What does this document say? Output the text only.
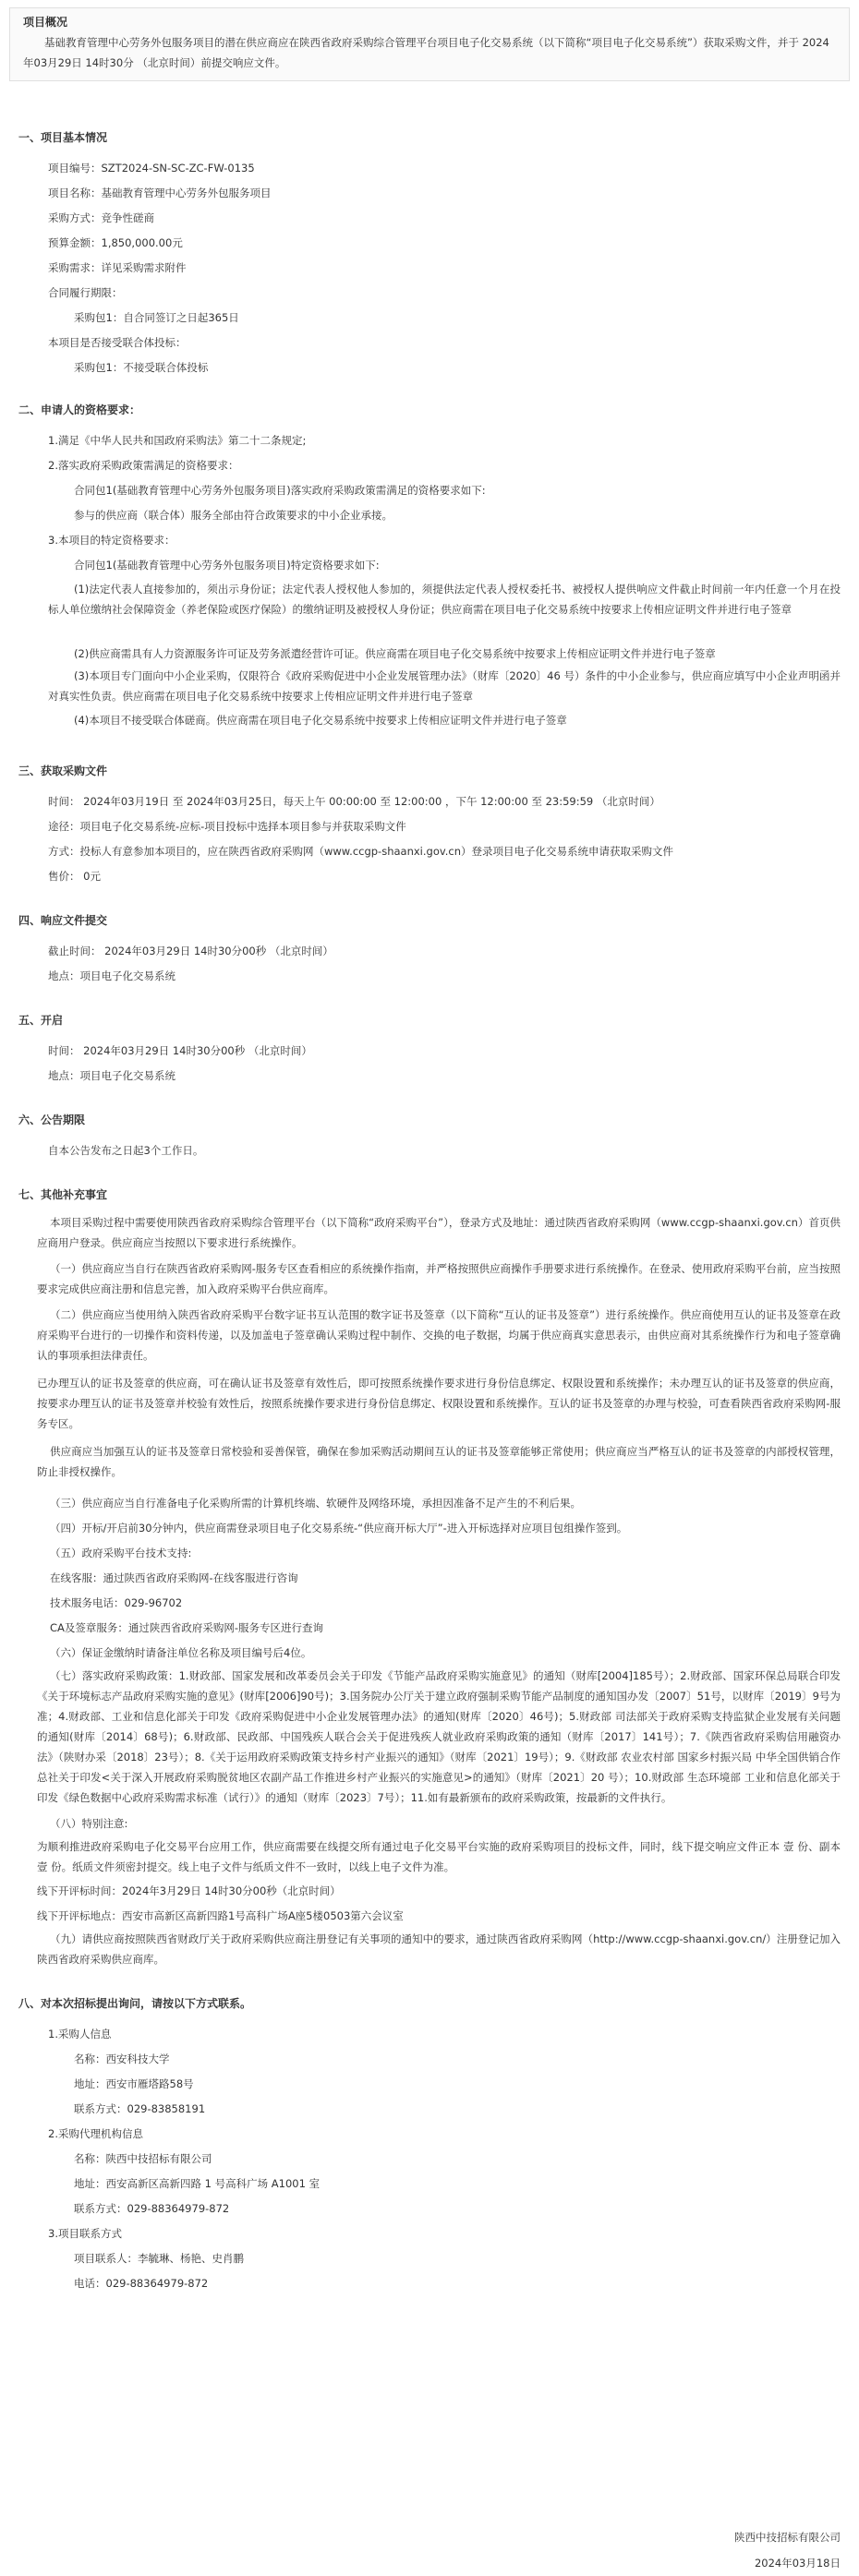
项目概况
基础教育管理中心劳务外包服务项目的潜在供应商应在陕西省政府采购综合管理平台项目电子化交易系统（以下简称“项目电子化交易系统”）获取采购文件，并于 2024年03月29日 14时30分 （北京时间）前提交响应文件。
一、项目基本情况
项目编号：SZT2024-SN-SC-ZC-FW-0135
项目名称：基础教育管理中心劳务外包服务项目
采购方式：竞争性磋商
预算金额：1,850,000.00元
采购需求：详见采购需求附件
合同履行期限：
采购包1：自合同签订之日起365日
本项目是否接受联合体投标：
采购包1：不接受联合体投标
二、申请人的资格要求：
1.满足《中华人民共和国政府采购法》第二十二条规定;
2.落实政府采购政策需满足的资格要求：
合同包1(基础教育管理中心劳务外包服务项目)落实政府采购政策需满足的资格要求如下:
参与的供应商（联合体）服务全部由符合政策要求的中小企业承接。
3.本项目的特定资格要求：
合同包1(基础教育管理中心劳务外包服务项目)特定资格要求如下:
(1)法定代表人直接参加的，须出示身份证；法定代表人授权他人参加的，须提供法定代表人授权委托书、被授权人提供响应文件截止时间前一年内任意一个月在投标人单位缴纳社会保障资金（养老保险或医疗保险）的缴纳证明及被授权人身份证；供应商需在项目电子化交易系统中按要求上传相应证明文件并进行电子签章
(2)供应商需具有人力资源服务许可证及劳务派遣经营许可证。供应商需在项目电子化交易系统中按要求上传相应证明文件并进行电子签章
(3)本项目专门面向中小企业采购，仅限符合《政府采购促进中小企业发展管理办法》（财库〔2020〕46 号）条件的中小企业参与，供应商应填写中小企业声明函并对真实性负责。供应商需在项目电子化交易系统中按要求上传相应证明文件并进行电子签章
(4)本项目不接受联合体磋商。供应商需在项目电子化交易系统中按要求上传相应证明文件并进行电子签章
三、获取采购文件
时间： 2024年03月19日 至 2024年03月25日，每天上午 00:00:00 至 12:00:00 ，下午 12:00:00 至 23:59:59 （北京时间）
途径：项目电子化交易系统-应标-项目投标中选择本项目参与并获取采购文件
方式：投标人有意参加本项目的，应在陕西省政府采购网（www.ccgp-shaanxi.gov.cn）登录项目电子化交易系统申请获取采购文件
售价： 0元
四、响应文件提交
截止时间： 2024年03月29日 14时30分00秒 （北京时间）
地点：项目电子化交易系统
五、开启
时间： 2024年03月29日 14时30分00秒 （北京时间）
地点：项目电子化交易系统
六、公告期限
自本公告发布之日起3个工作日。
七、其他补充事宜
本项目采购过程中需要使用陕西省政府采购综合管理平台（以下简称“政府采购平台”），登录方式及地址：通过陕西省政府采购网（www.ccgp-shaanxi.gov.cn）首页供应商用户登录。供应商应当按照以下要求进行系统操作。
（一）供应商应当自行在陕西省政府采购网-服务专区查看相应的系统操作指南，并严格按照供应商操作手册要求进行系统操作。在登录、使用政府采购平台前，应当按照要求完成供应商注册和信息完善，加入政府采购平台供应商库。
（二）供应商应当使用纳入陕西省政府采购平台数字证书互认范围的数字证书及签章（以下简称“互认的证书及签章”）进行系统操作。供应商使用互认的证书及签章在政府采购平台进行的一切操作和资料传递，以及加盖电子签章确认采购过程中制作、交换的电子数据，均属于供应商真实意思表示，由供应商对其系统操作行为和电子签章确认的事项承担法律责任。
已办理互认的证书及签章的供应商，可在确认证书及签章有效性后，即可按照系统操作要求进行身份信息绑定、权限设置和系统操作；未办理互认的证书及签章的供应商，按要求办理互认的证书及签章并校验有效性后，按照系统操作要求进行身份信息绑定、权限设置和系统操作。互认的证书及签章的办理与校验，可查看陕西省政府采购网-服务专区。
供应商应当加强互认的证书及签章日常校验和妥善保管，确保在参加采购活动期间互认的证书及签章能够正常使用；供应商应当严格互认的证书及签章的内部授权管理，防止非授权操作。
（三）供应商应当自行准备电子化采购所需的计算机终端、软硬件及网络环境，承担因准备不足产生的不利后果。
（四）开标/开启前30分钟内，供应商需登录项目电子化交易系统-“供应商开标大厅”-进入开标选择对应项目包组操作签到。
（五）政府采购平台技术支持:
在线客服：通过陕西省政府采购网-在线客服进行咨询
技术服务电话：029-96702
CA及签章服务：通过陕西省政府采购网-服务专区进行查询
（六）保证金缴纳时请备注单位名称及项目编号后4位。
（七）落实政府采购政策：1.财政部、国家发展和改革委员会关于印发《节能产品政府采购实施意见》的通知（财库[2004]185号）；2.财政部、国家环保总局联合印发《关于环境标志产品政府采购实施的意见》(财库[2006]90号)；3.国务院办公厅关于建立政府强制采购节能产品制度的通知国办发〔2007〕51号，以财库〔2019〕9号为准；4.财政部、工业和信息化部关于印发《政府采购促进中小企业发展管理办法》的通知(财库〔2020〕46号)；5.财政部 司法部关于政府采购支持监狱企业发展有关问题的通知(财库〔2014〕68号)；6.财政部、民政部、中国残疾人联合会关于促进残疾人就业政府采购政策的通知（财库〔2017〕141号）；7.《陕西省政府采购信用融资办法》（陕财办采〔2018〕23号）；8.《关于运用政府采购政策支持乡村产业振兴的通知》（财库〔2021〕19号）；9.《财政部 农业农村部 国家乡村振兴局 中华全国供销合作总社关于印发<关于深入开展政府采购脱贫地区农副产品工作推进乡村产业振兴的实施意见>的通知》（财库〔2021〕20 号）；10.财政部 生态环境部 工业和信息化部关于印发《绿色数据中心政府采购需求标准（试行）》的通知（财库〔2023〕7号）；11.如有最新颁布的政府采购政策，按最新的文件执行。
（八）特别注意:
为顺利推进政府采购电子化交易平台应用工作，供应商需要在线提交所有通过电子化交易平台实施的政府采购项目的投标文件，同时，线下提交响应文件正本 壹 份、副本 壹 份。纸质文件须密封提交。线上电子文件与纸质文件不一致时，以线上电子文件为准。
线下开评标时间：2024年3月29日 14时30分00秒（北京时间）
线下开评标地点：西安市高新区高新四路1号高科广场A座5楼0503第六会议室
（九）请供应商按照陕西省财政厅关于政府采购供应商注册登记有关事项的通知中的要求，通过陕西省政府采购网（http://www.ccgp-shaanxi.gov.cn/）注册登记加入陕西省政府采购供应商库。
八、对本次招标提出询问，请按以下方式联系。
1.采购人信息
名称：西安科技大学
地址：西安市雁塔路58号
联系方式：029-83858191
2.采购代理机构信息
名称：陕西中技招标有限公司
地址：西安高新区高新四路 1 号高科广场 A1001 室
联系方式：029-88364979-872
3.项目联系方式
项目联系人：李毓琳、杨艳、史肖鹏
电话：029-88364979-872
陕西中技招标有限公司
2024年03月18日
